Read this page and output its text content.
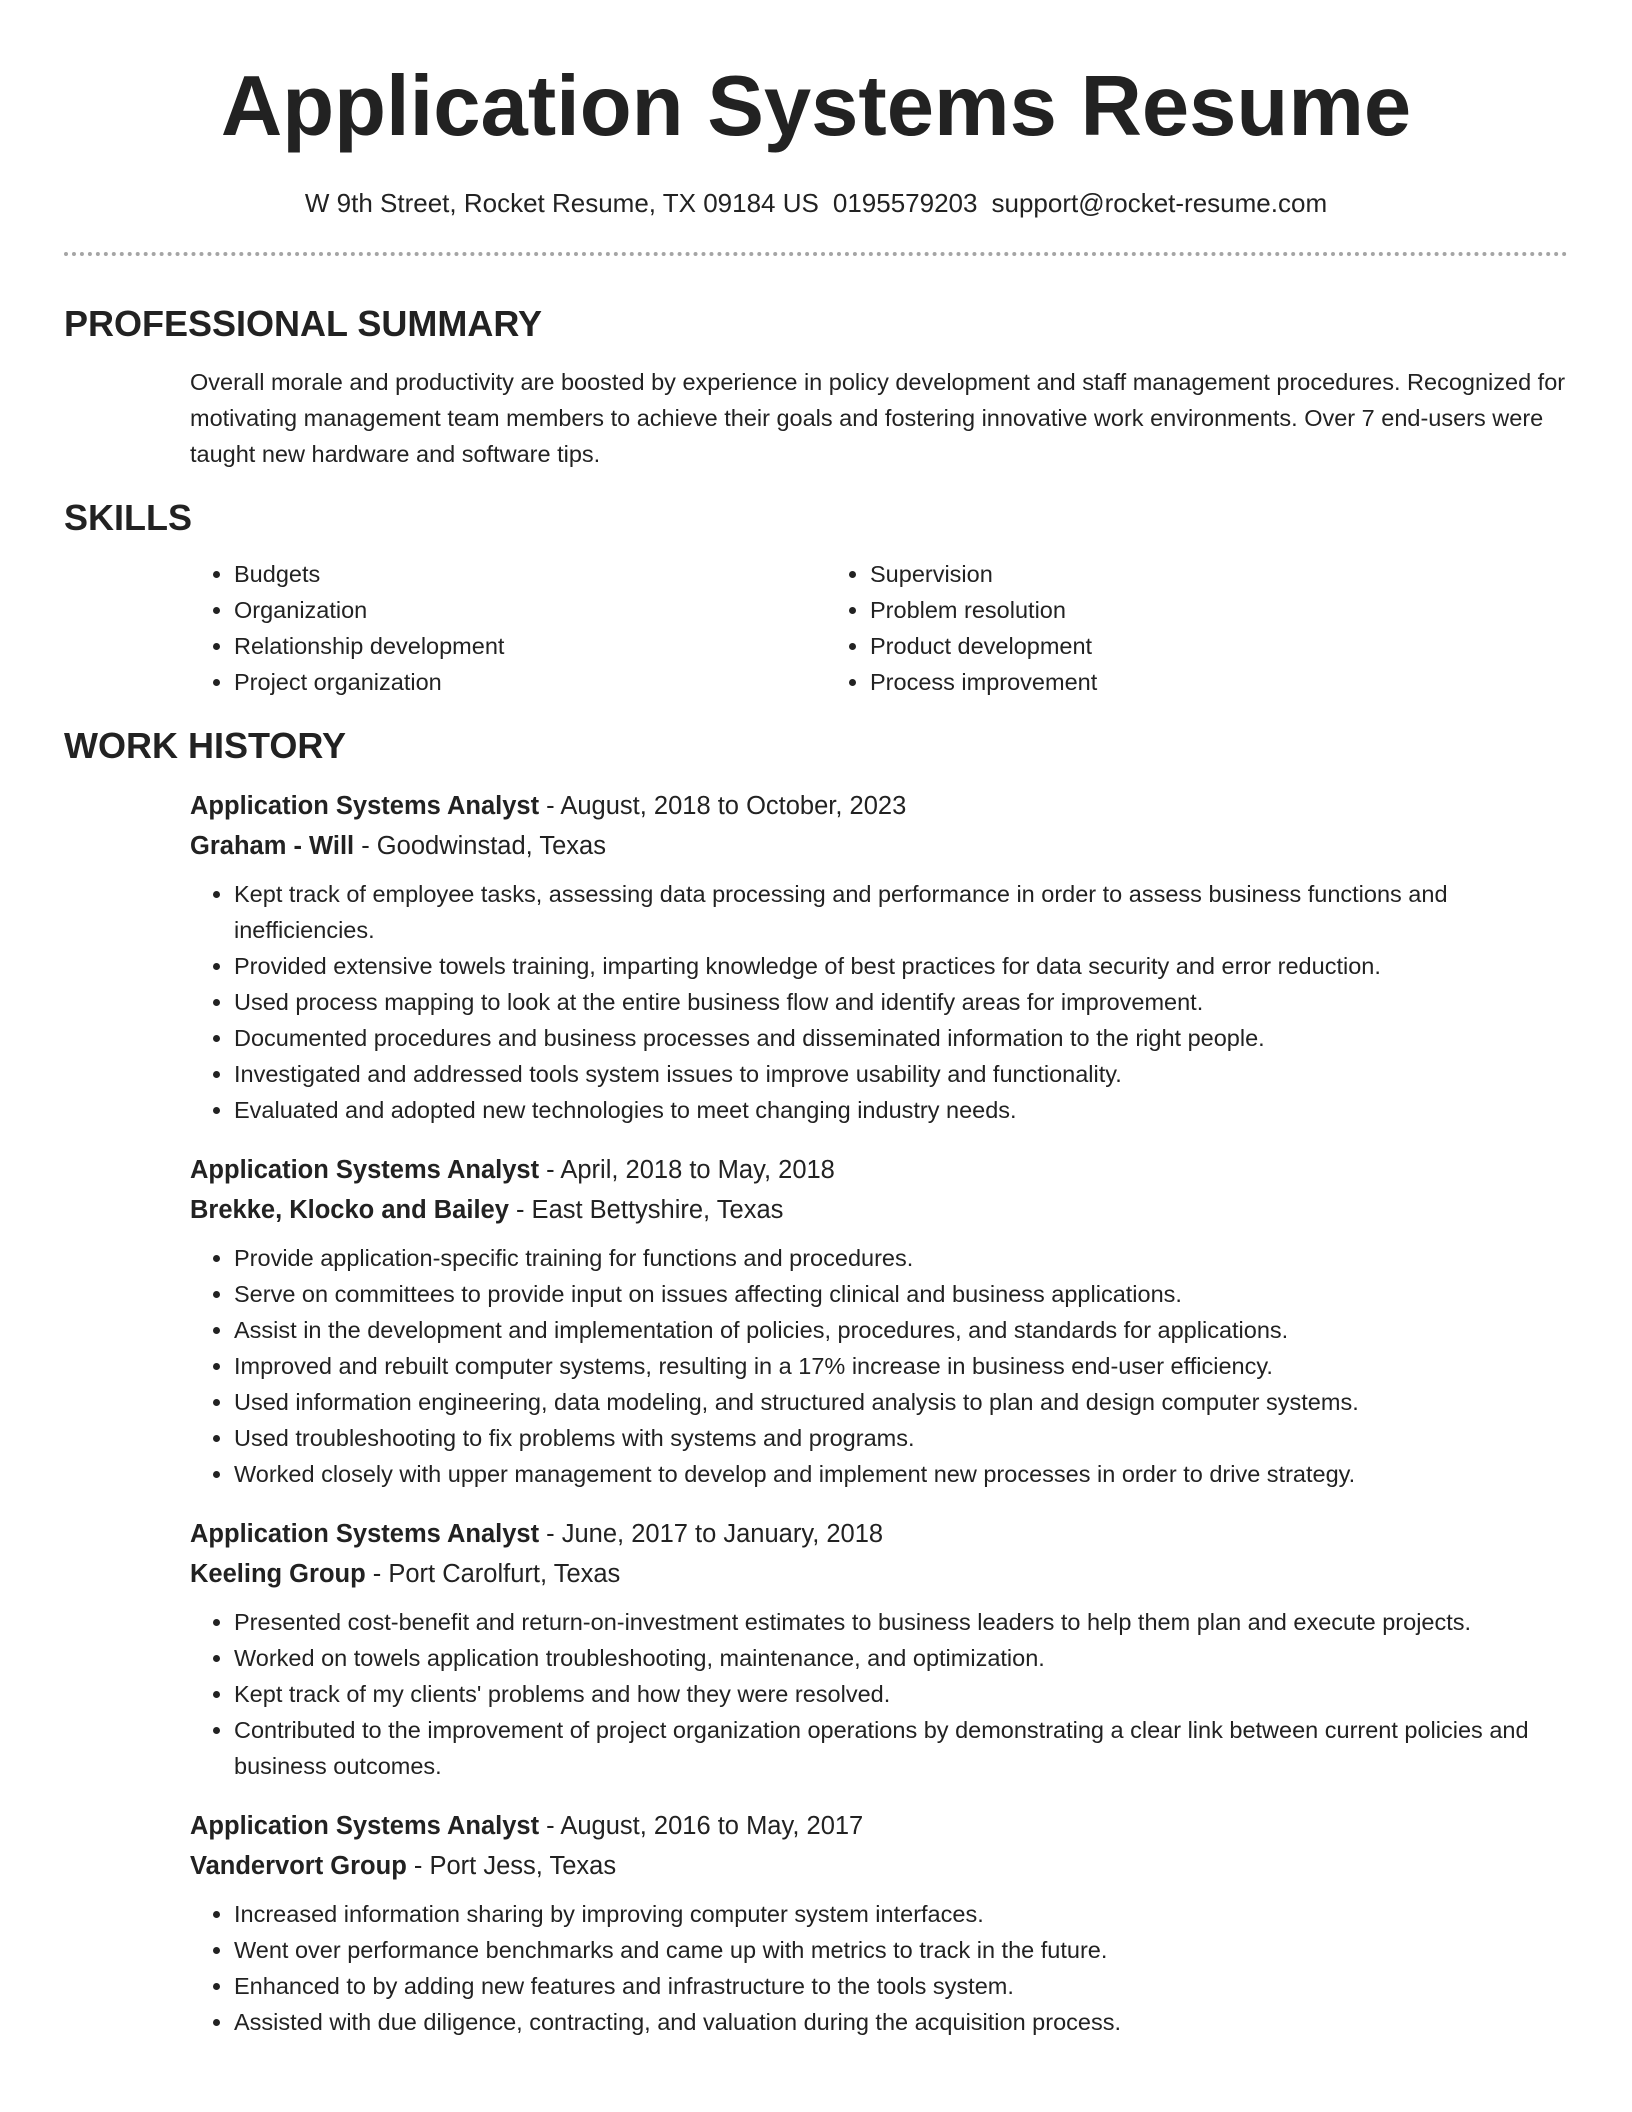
Application Systems Resume
W 9th Street, Rocket Resume, TX 09184 US 0195579203 support@rocket-resume.com
PROFESSIONAL SUMMARY
Overall morale and productivity are boosted by experience in policy development and staff management procedures. Recognized for motivating management team members to achieve their goals and fostering innovative work environments. Over 7 end-users were taught new hardware and software tips.
SKILLS
• Budgets
• Organization
• Relationship development
• Project organization
• Supervision
• Problem resolution
• Product development
• Process improvement
WORK HISTORY
Application Systems Analyst - August, 2018 to October, 2023
Graham - Will - Goodwinstad, Texas
• Kept track of employee tasks, assessing data processing and performance in order to assess business functions and inefficiencies.
• Provided extensive towels training, imparting knowledge of best practices for data security and error reduction.
• Used process mapping to look at the entire business flow and identify areas for improvement.
• Documented procedures and business processes and disseminated information to the right people.
• Investigated and addressed tools system issues to improve usability and functionality.
• Evaluated and adopted new technologies to meet changing industry needs.
Application Systems Analyst - April, 2018 to May, 2018
Brekke, Klocko and Bailey - East Bettyshire, Texas
• Provide application-specific training for functions and procedures.
• Serve on committees to provide input on issues affecting clinical and business applications.
• Assist in the development and implementation of policies, procedures, and standards for applications.
• Improved and rebuilt computer systems, resulting in a 17% increase in business end-user efficiency.
• Used information engineering, data modeling, and structured analysis to plan and design computer systems.
• Used troubleshooting to fix problems with systems and programs.
• Worked closely with upper management to develop and implement new processes in order to drive strategy.
Application Systems Analyst - June, 2017 to January, 2018
Keeling Group - Port Carolfurt, Texas
• Presented cost-benefit and return-on-investment estimates to business leaders to help them plan and execute projects.
• Worked on towels application troubleshooting, maintenance, and optimization.
• Kept track of my clients' problems and how they were resolved.
• Contributed to the improvement of project organization operations by demonstrating a clear link between current policies and business outcomes.
Application Systems Analyst - August, 2016 to May, 2017
Vandervort Group - Port Jess, Texas
• Increased information sharing by improving computer system interfaces.
• Went over performance benchmarks and came up with metrics to track in the future.
• Enhanced to by adding new features and infrastructure to the tools system.
• Assisted with due diligence, contracting, and valuation during the acquisition process.
